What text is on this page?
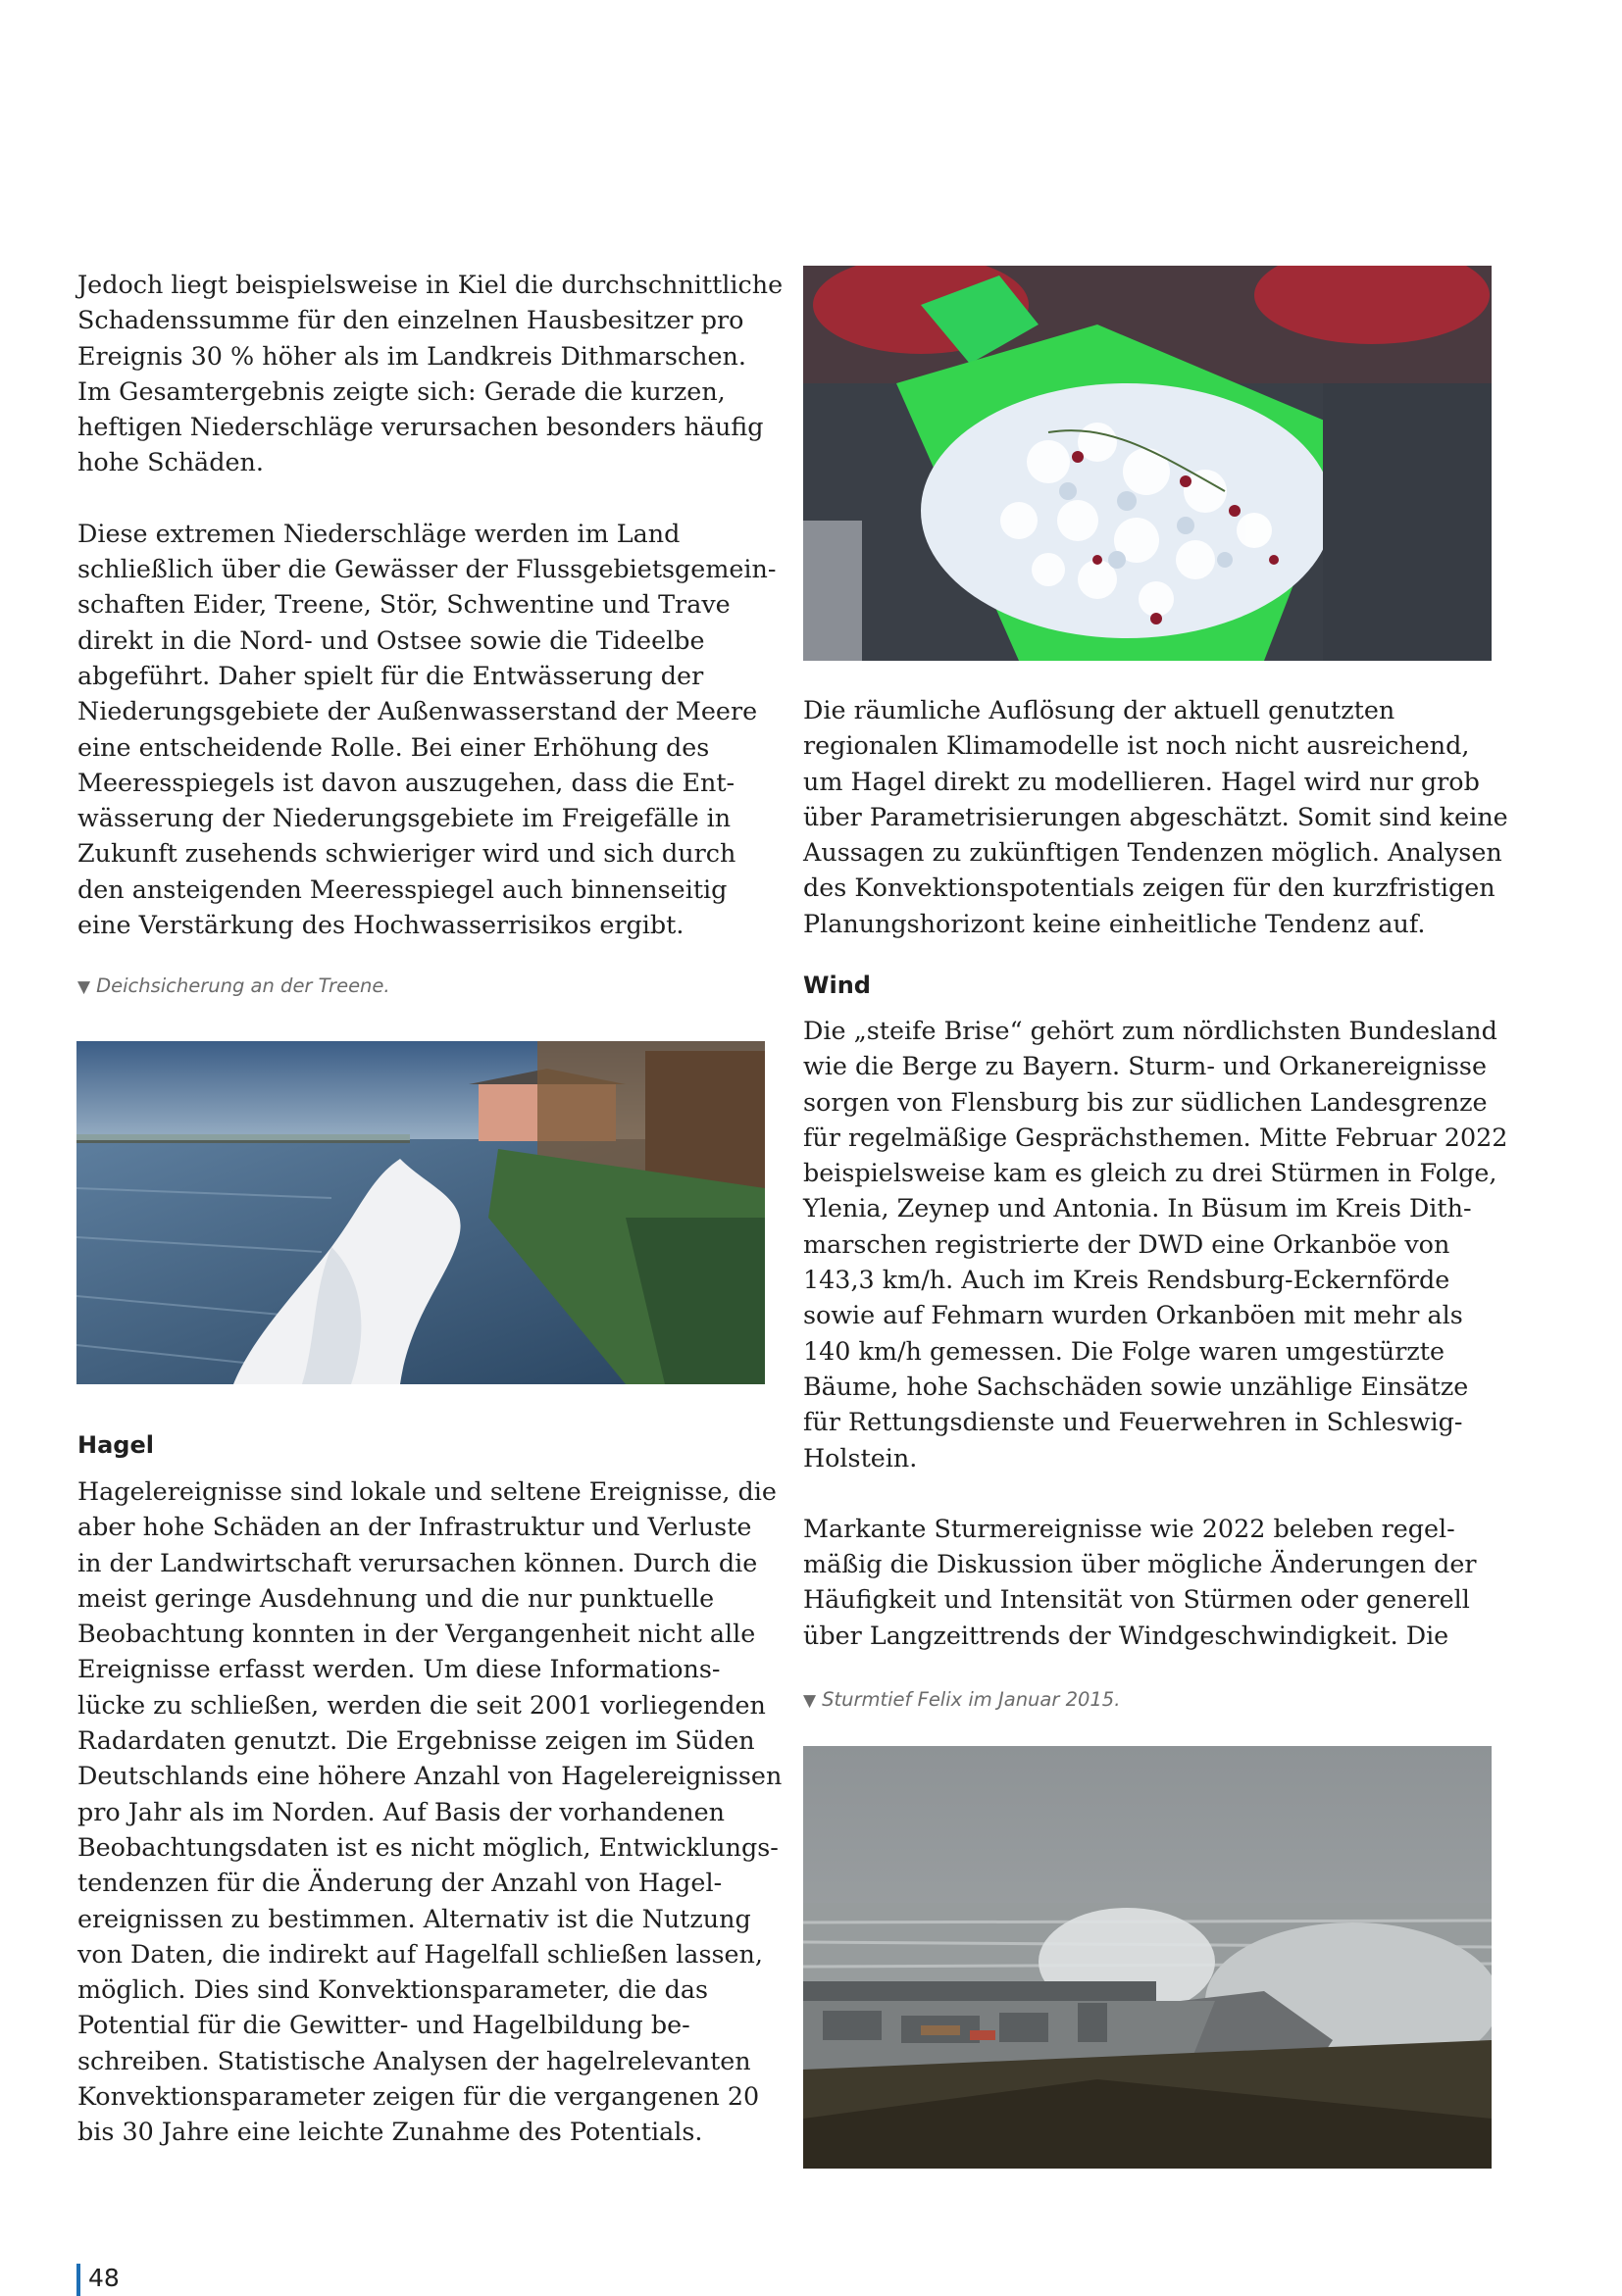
Jedoch liegt beispielsweise in Kiel die durchschnittliche
Schadenssumme für den einzelnen Hausbesitzer pro
Ereignis 30 % höher als im Landkreis Dithmarschen.
Im Gesamtergebnis zeigte sich: Gerade die kurzen,
heftigen Niederschläge verursachen besonders häufig
hohe Schäden.

Diese extremen Niederschläge werden im Land
schließlich über die Gewässer der Flussgebietsgemein-
schaften Eider, Treene, Stör, Schwentine und Trave
direkt in die Nord- und Ostsee sowie die Tideelbe
abgeführt. Daher spielt für die Entwässerung der
Niederungsgebiete der Außenwasserstand der Meere
eine entscheidende Rolle. Bei einer Erhöhung des
Meeresspiegels ist davon auszugehen, dass die Ent-
wässerung der Niederungsgebiete im Freigefälle in
Zukunft zusehends schwieriger wird und sich durch
den ansteigenden Meeresspiegel auch binnenseitig
eine Verstärkung des Hochwasserrisikos ergibt.

▼ Deichsicherung an der Treene.

Hagel

Hagelereignisse sind lokale und seltene Ereignisse, die
aber hohe Schäden an der Infrastruktur und Verluste
in der Landwirtschaft verursachen können. Durch die
meist geringe Ausdehnung und die nur punktuelle
Beobachtung konnten in der Vergangenheit nicht alle
Ereignisse erfasst werden. Um diese Informations-
lücke zu schließen, werden die seit 2001 vorliegenden
Radardaten genutzt. Die Ergebnisse zeigen im Süden
Deutschlands eine höhere Anzahl von Hagelereignissen
pro Jahr als im Norden. Auf Basis der vorhandenen
Beobachtungsdaten ist es nicht möglich, Entwicklungs-
tendenzen für die Änderung der Anzahl von Hagel-
ereignissen zu bestimmen. Alternativ ist die Nutzung
von Daten, die indirekt auf Hagelfall schließen lassen,
möglich. Dies sind Konvektionsparameter, die das
Potential für die Gewitter- und Hagelbildung be-
schreiben. Statistische Analysen der hagelrelevanten
Konvektionsparameter zeigen für die vergangenen 20
bis 30 Jahre eine leichte Zunahme des Potentials.

Die räumliche Auflösung der aktuell genutzten
regionalen Klimamodelle ist noch nicht ausreichend,
um Hagel direkt zu modellieren. Hagel wird nur grob
über Parametrisierungen abgeschätzt. Somit sind keine
Aussagen zu zukünftigen Tendenzen möglich. Analysen
des Konvektionspotentials zeigen für den kurzfristigen
Planungshorizont keine einheitliche Tendenz auf.

Wind

Die „steife Brise“ gehört zum nördlichsten Bundesland
wie die Berge zu Bayern. Sturm- und Orkanereignisse
sorgen von Flensburg bis zur südlichen Landesgrenze
für regelmäßige Gesprächsthemen. Mitte Februar 2022
beispielsweise kam es gleich zu drei Stürmen in Folge,
Ylenia, Zeynep und Antonia. In Büsum im Kreis Dith-
marschen registrierte der DWD eine Orkanböe von
143,3 km/h. Auch im Kreis Rendsburg-Eckernförde
sowie auf Fehmarn wurden Orkanböen mit mehr als
140 km/h gemessen. Die Folge waren umgestürzte
Bäume, hohe Sachschäden sowie unzählige Einsätze
für Rettungsdienste und Feuerwehren in Schleswig-
Holstein.

Markante Sturmereignisse wie 2022 beleben regel-
mäßig die Diskussion über mögliche Änderungen der
Häufigkeit und Intensität von Stürmen oder generell
über Langzeittrends der Windgeschwindigkeit. Die

▼ Sturmtief Felix im Januar 2015.

48
